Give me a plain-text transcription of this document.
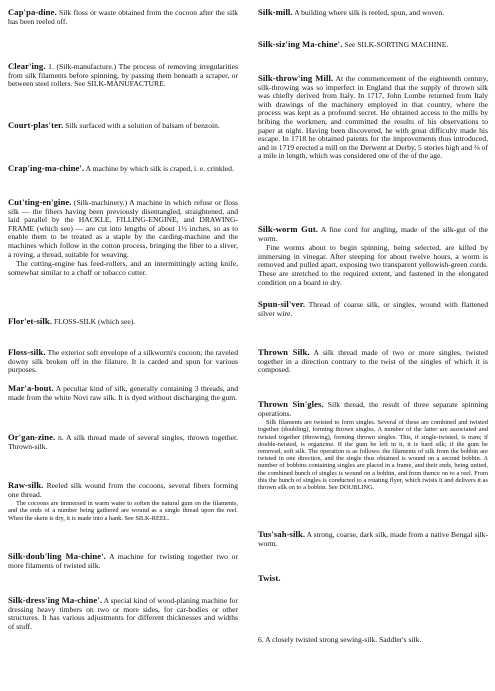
Cap'pa-dine. Silk floss or waste obtained from the cocoon after the silk has been reeled off.

Clear'ing. 1. (Silk-manufacture.) The process of removing irregularities from silk filaments before spinning, by passing them beneath a scraper, or between steel rollers. See SILK-MANUFACTURE.

Court-plas'ter. Silk surfaced with a solution of balsam of benzoin.

Crap'ing-ma-chine'. A machine by which silk is craped, i. e. crinkled.

Cut'ting-en'gine. (Silk-machinery.) A machine in which refuse or floss silk — the fibers having been previously disentangled, straightened, and laid parallel by the HACKLE, FILLING-ENGINE, and DRAWING-FRAME (which see) — are cut into lengths of about 1½ inches, so as to enable them to be treated as a staple by the carding-machine and the machines which follow in the cotton process, bringing the fiber to a sliver, a roving, a thread, suitable for weaving.

The cutting-engine has feed-rollers, and an intermittingly acting knife, somewhat similar to a chaff or tobacco cutter.

Flor'et-silk. FLOSS-SILK (which see).

Floss-silk. The exterior soft envelope of a silkworm's cocoon; the raveled downy silk broken off in the filature. It is carded and spun for various purposes.

Mar'a-bout. A peculiar kind of silk, generally containing 3 threads, and made from the white Novi raw silk. It is dyed without discharging the gum.

Or'gan-zine. n. A silk thread made of several singles, thrown together. Thrown-silk.

Raw-silk. Reeled silk wound from the cocoons, several fibers forming one thread.

The cocoons are immersed in warm water to soften the natural gum on the filaments, and the ends of a number being gathered are wound as a single thread upon the reel. When the skein is dry, it is made into a hank. See SILK-REEL.

Silk-doub'ling Ma-chine'. A machine for twisting together two or more filaments of twisted silk.

Silk-dress'ing Ma-chine'. A special kind of wood-planing machine for dressing heavy timbers on two or more sides, for car-bodies or other structures. It has various adjustments for different thicknesses and widths of stuff.

Silk-mill. A building where silk is reeled, spun, and woven.

Silk-siz'ing Ma-chine'. See SILK-SORTING MACHINE.

Silk-throw'ing Mill. At the commencement of the eighteenth century, silk-throwing was so imperfect in England that the supply of thrown silk was chiefly derived from Italy. In 1717, John Lombe returned from Italy with drawings of the machinery employed in that country, where the process was kept as a profound secret. He obtained access to the mills by bribing the workmen, and committed the results of his observations to paper at night. Having been discovered, he with great difficulty made his escape. In 1718 he obtained patents for the improvements thus introduced, and in 1719 erected a mill on the Derwent at Derby, 5 stories high and ⅛ of a mile in length, which was considered one of the of the age.

Silk-worm Gut. A fine cord for angling, made of the silk-gut of the worm.

Fine worms about to begin spinning, being selected, are killed by immersing in vinegar. After steeping for about twelve hours, a worm is removed and pulled apart, exposing two transparent yellowish-green cords. These are stretched to the required extent, and fastened in the elongated condition on a board to dry.

Spun-sil'ver. Thread of coarse silk, or singles, wound with flattened silver wire.

Thrown Silk. A silk thread made of two or more singles, twisted together in a direction contrary to the twist of the singles of which it is composed.

Thrown Sin'gles. Silk thread, the result of three separate spinning operations.

Silk filaments are twisted to form singles. Several of these are combined and twisted together (doubling), forming thrown singles. A number of the latter are associated and twisted together (throwing), forming thrown singles. This, if single-twisted, is tram; if double-twisted, is organzine. If the gum be left in it, it is hard silk; if the gum be removed, soft silk. The operation is as follows: the filaments of silk from the bobbin are twisted in one direction, and the single thus obtained is wound on a second bobbin. A number of bobbins containing singles are placed in a frame, and their ends, being united, the combined bunch of singles is wound on a bobbin, and from thence on to a reel. From this the bunch of singles is conducted to a rotating flyer, which twists it and delivers it as thrown silk on to a bobbin. See DOUBLING.

Tus'sah-silk. A strong, coarse, dark silk, made from a native Bengal silk-worm.

Twist.

6. A closely twisted strong sewing-silk. Saddler's silk.
